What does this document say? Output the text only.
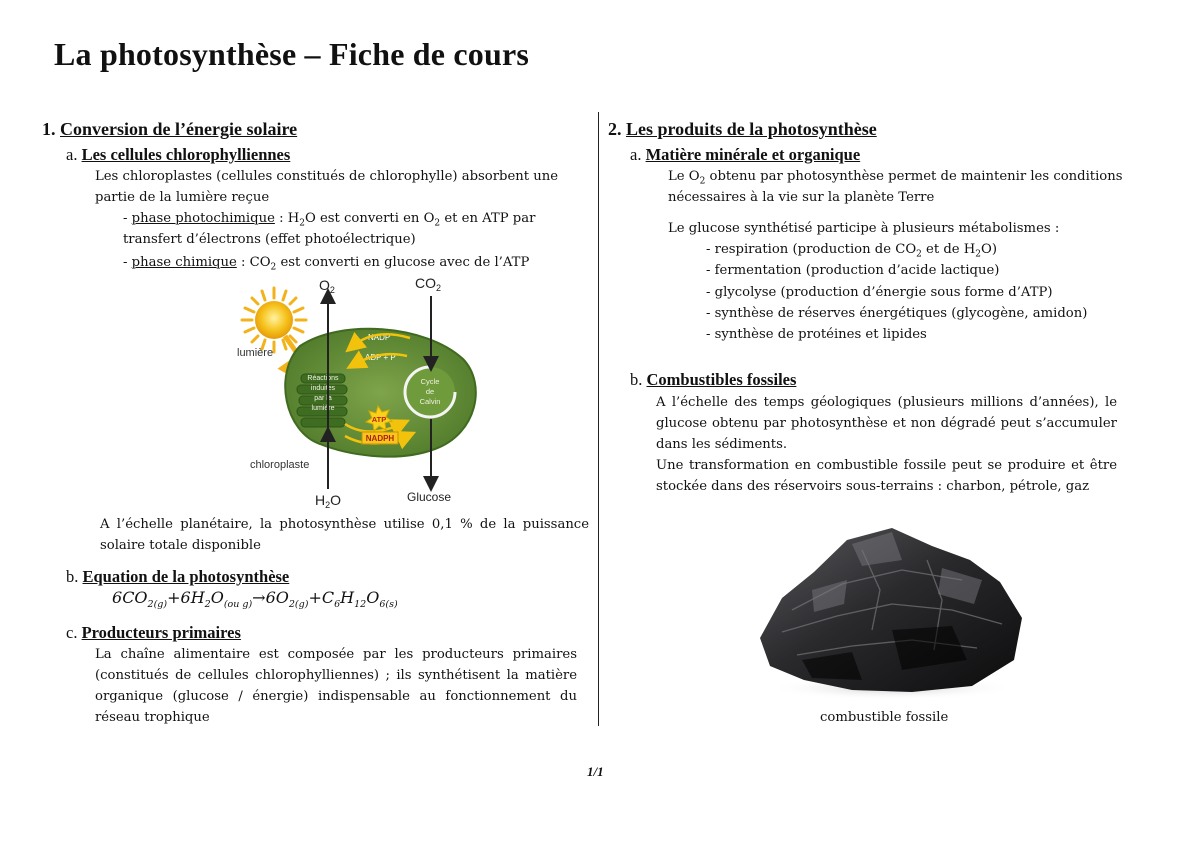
La photosynthèse – Fiche de cours
1. Conversion de l’énergie solaire
a. Les cellules chlorophylliennes
Les chloroplastes (cellules constitués de chlorophylle) absorbent une partie de la lumière reçue
- phase photochimique : $H_2O$ est converti en $O_2$ et en ATP par transfert d’électrons (effet photoélectrique)
- phase chimique : $CO_2$ est converti en glucose avec de l’ATP
lumière
Réactions
induites
par la
lumière
NADP
ADP + P
Cycle
de
Calvin
ATP
NADPH
$O_2$	$CO_2$
$H_2O$	Glucose
chloroplaste
A l’échelle planétaire, la photosynthèse utilise 0,1 % de la puissance solaire totale disponible
b. Equation de la photosynthèse
$6CO_{2(g)}+6H_2O_{(ou g)}\to 6O_{2(g)}+C_6H_{12}O_{6(s)}$
c. Producteurs primaires
La chaîne alimentaire est composée par les producteurs primaires (constitués de cellules chlorophylliennes) ; ils synthétisent la matière organique (glucose / énergie) indispensable au fonctionnement du réseau trophique
2. Les produits de la photosynthèse
a. Matière minérale et organique
Le $O_2$ obtenu par photosynthèse permet de maintenir les conditions nécessaires à la vie sur la planète Terre
Le glucose synthétisé participe à plusieurs métabolismes :
- respiration (production de $CO_2$ et de $H_2O$)
- fermentation (production d’acide lactique)
- glycolyse (production d’énergie sous forme d’ATP)
- synthèse de réserves énergétiques (glycogène, amidon)
- synthèse de protéines et lipides
b. Combustibles fossiles
A l’échelle des temps géologiques (plusieurs millions d’années), le glucose obtenu par photosynthèse et non dégradé peut s’accumuler dans les sédiments.
Une transformation en combustible fossile peut se produire et être stockée dans des réservoirs sous-terrains : charbon, pétrole, gaz
combustible fossile
1/1
